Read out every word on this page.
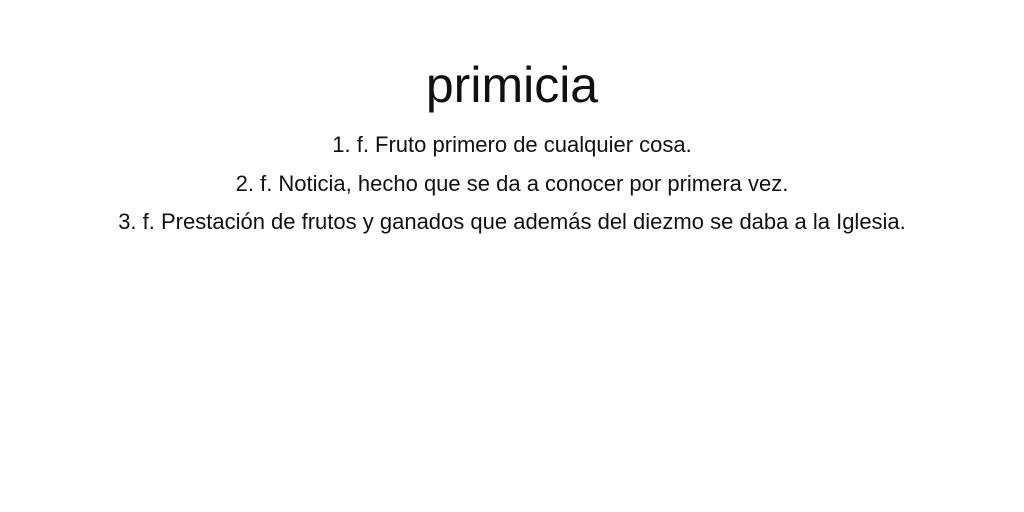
primicia
1. f. Fruto primero de cualquier cosa.
2. f. Noticia, hecho que se da a conocer por primera vez.
3. f. Prestación de frutos y ganados que además del diezmo se daba a la Iglesia.
